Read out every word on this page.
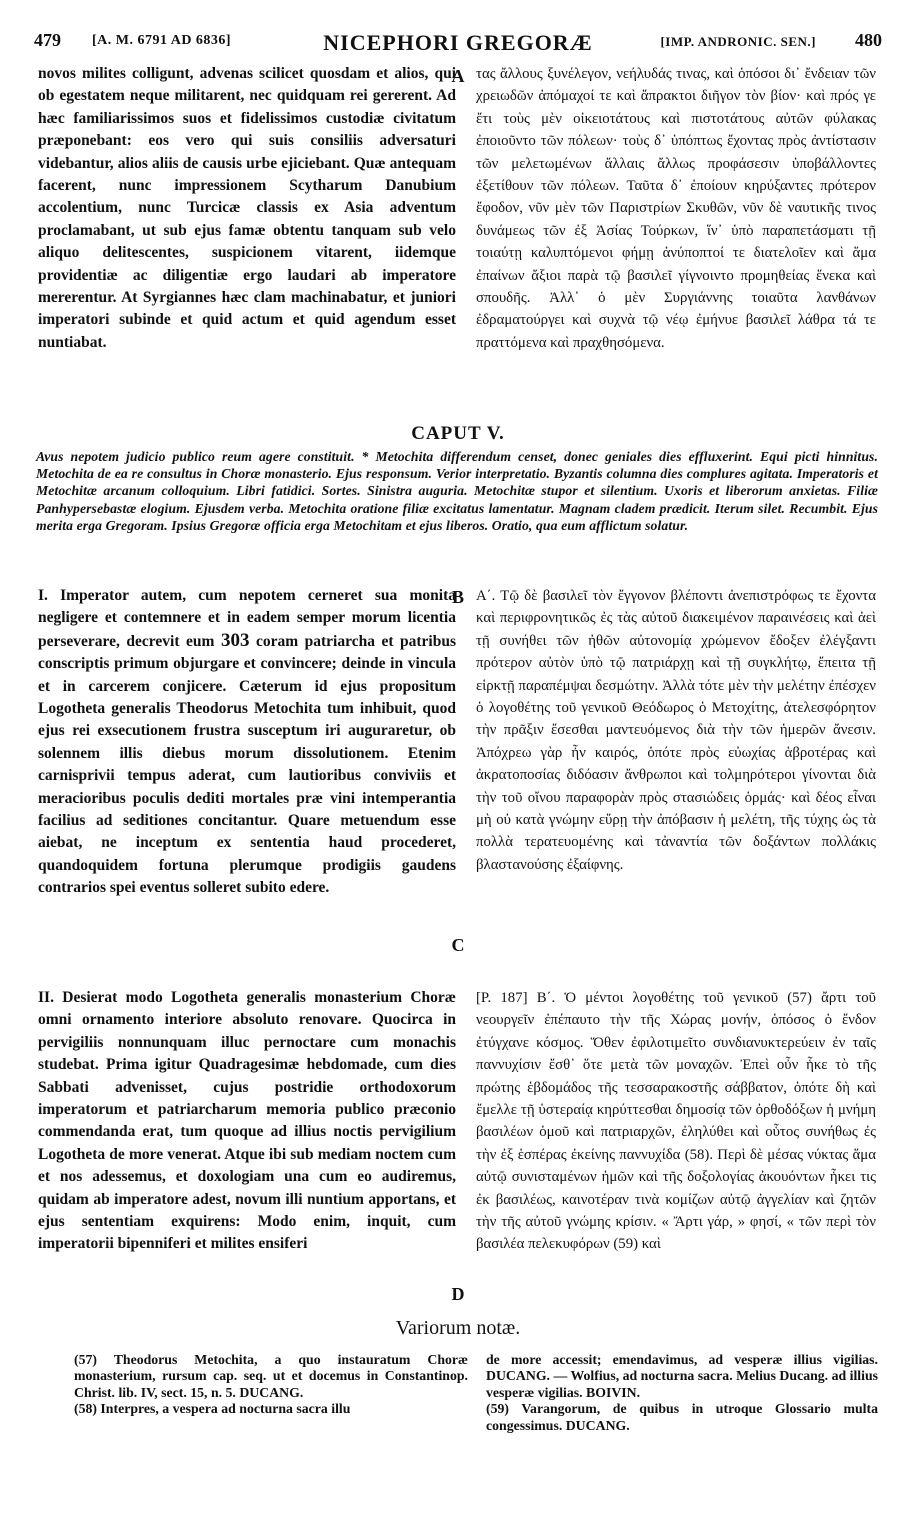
479 [A. M. 6791 AD 6836]	NICEPHORI GREGORÆ	[IMP. ANDRONIC. SEN.] 480

novos milites colligunt, advenas scilicet quosdam et alios, qui ob egestatem neque militarent, nec quidquam rei gererent. Ad hæc familiarissimos suos et fidelissimos custodiæ civitatum præponebant: eos vero qui suis consiliis adversaturi videbantur, alios aliis de causis urbe ejiciebant. Quæ antequam facerent, nunc impressionem Scytharum Danubium accolentium, nunc Turcicæ classis ex Asia adventum proclamabant, ut sub ejus famæ obtentu tanquam sub velo aliquo delitescentes, suspicionem vitarent, iidemque providentiæ ac diligentiæ ergo laudari ab imperatore mererentur. At Syrgiannes hæc clam machinabatur, et juniori imperatori subinde et quid actum et quid agendum esset nuntiabat.

A τας ἄλλους ξυνέλεγον, νεήλυδάς τινας, καὶ ὁπόσοι δι᾿ ἔνδειαν τῶν χρειωδῶν ἀπόμαχοί τε καὶ ἄπρακτοι διῆγον τὸν βίον· καὶ πρός γε ἔτι τοὺς μὲν οἰκειοτάτους καὶ πιστοτάτους αὐτῶν φύλακας ἐποιοῦντο τῶν πόλεων· τοὺς δ᾿ ὑπόπτως ἔχοντας πρὸς ἀντίστασιν τῶν μελετωμένων ἄλλαις ἄλλως προφάσεσιν ὑποβάλλοντες ἐξετίθουν τῶν πόλεων. Ταῦτα δ᾿ ἐποίουν κηρύξαντες πρότερον ἔφοδον, νῦν μὲν τῶν Παριστρίων Σκυθῶν, νῦν δὲ ναυτικῆς τινος δυνάμεως τῶν ἐξ Ἀσίας Τούρκων, ἵν᾿ ὑπὸ παραπετάσματι τῇ τοιαύτῃ καλυπτόμενοι φήμῃ ἀνύποπτοί τε διατελοῖεν καὶ ἅμα ἐπαίνων ἄξιοι παρὰ τῷ βασιλεῖ γίγνοιντο προμηθείας ἕνεκα καὶ σπουδῆς. Ἀλλ᾿ ὁ μὲν Συργιάννης τοιαῦτα λανθάνων ἐδραματούργει καὶ συχνὰ τῷ νέῳ ἐμήνυε βασιλεῖ λάθρα τά τε πραττόμενα καὶ πραχθησόμενα.

CAPUT V.
Avus nepotem judicio publico reum agere constituit. * Metochita differendum censet, donec geniales dies effluxerint. Equi picti hinnitus. Metochita de ea re consultus in Choræ monasterio. Ejus responsum. Verior interpretatio. Byzantis columna dies complures agitata. Imperatoris et Metochitæ arcanum colloquium. Libri fatidici. Sortes. Sinistra auguria. Metochitæ stupor et silentium. Uxoris et liberorum anxietas. Filiæ Panhypersebastæ elogium. Ejusdem verba. Metochita oratione filiæ excitatus lamentatur. Magnam cladem prædicit. Iterum silet. Recumbit. Ejus merita erga Gregoram. Ipsius Gregoræ officia erga Metochitam et ejus liberos. Oratio, qua eum afflictum solatur.

I. Imperator autem, cum nepotem cerneret sua monita negligere et contemnere et in eadem semper morum licentia perseverare, decrevit eum 303 coram patriarcha et patribus conscriptis primum objurgare et convincere; deinde in vincula et in carcerem conjicere. Cæterum id ejus propositum Logotheta generalis Theodorus Metochita tum inhibuit, quod ejus rei exsecutionem frustra susceptum iri auguraretur, ob solennem illis diebus morum dissolutionem. Etenim carnisprivii tempus aderat, cum lautioribus conviviis et meracioribus poculis dediti mortales præ vini intemperantia facilius ad seditiones concitantur. Quare metuendum esse aiebat, ne inceptum ex sententia haud procederet, quandoquidem fortuna plerumque prodigiis gaudens contrarios spei eventus solleret subito edere.

B
C

Α΄. Τῷ δὲ βασιλεῖ τὸν ἔγγονον βλέποντι ἀνεπιστρόφως τε ἔχοντα καὶ περιφρονητικῶς ἐς τὰς αὐτοῦ διακειμένον παραινέσεις καὶ ἀεὶ τῇ συνήθει τῶν ἠθῶν αὐτονομίᾳ χρώμενον ἔδοξεν ἐλέγξαντι πρότερον αὐτὸν ὑπὸ τῷ πατριάρχῃ καὶ τῇ συγκλήτῳ, ἔπειτα τῇ εἱρκτῇ παραπέμψαι δεσμώτην. Ἀλλὰ τότε μὲν τὴν μελέτην ἐπέσχεν ὁ λογοθέτης τοῦ γενικοῦ Θεόδωρος ὁ Μετοχίτης, ἀτελεσφόρητον τὴν πρᾶξιν ἔσεσθαι μαντευόμενος διὰ τὴν τῶν ἡμερῶν ἄνεσιν. Ἀπόχρεω γὰρ ἦν καιρός, ὁπότε πρὸς εὐωχίας ἁβροτέρας καὶ ἀκρατοποσίας διδόασιν ἄνθρωποι καὶ τολμηρότεροι γίνονται διὰ τὴν τοῦ οἴνου παραφορὰν πρὸς στασιώδεις ὁρμάς· καὶ δέος εἶναι μὴ οὐ κατὰ γνώμην εὕρῃ τὴν ἀπόβασιν ἡ μελέτη, τῆς τύχης ὡς τὰ πολλὰ τερατευομένης καὶ τἀναντία τῶν δοξάντων πολλάκις βλαστανούσης ἐξαίφνης.

II. Desierat modo Logotheta generalis monasterium Choræ omni ornamento interiore absoluto renovare. Quocirca in pervigiliis nonnunquam illuc pernoctare cum monachis studebat. Prima igitur Quadragesimæ hebdomade, cum dies Sabbati advenisset, cujus postridie orthodoxorum imperatorum et patriarcharum memoria publico præconio commendanda erat, tum quoque ad illius noctis pervigilium Logotheta de more venerat. Atque ibi sub mediam noctem cum et nos adessemus, et doxologiam una cum eo audiremus, quidam ab imperatore adest, novum illi nuntium apportans, et ejus sententiam exquirens: Modo enim, inquit, cum imperatorii bipenniferi et milites ensiferi

D

[P. 187] Β΄. Ὁ μέντοι λογοθέτης τοῦ γενικοῦ (57) ἄρτι τοῦ νεουργεῖν ἐπέπαυτο τὴν τῆς Χώρας μονήν, ὁπόσος ὁ ἔνδον ἐτύγχανε κόσμος. Ὅθεν ἐφιλοτιμεῖτο συνδιανυκτερεύειν ἐν ταῖς παννυχίσιν ἔσθ᾿ ὅτε μετὰ τῶν μοναχῶν. Ἐπεὶ οὖν ἧκε τὸ τῆς πρώτης ἑβδομάδος τῆς τεσσαρακοστῆς σάββατον, ὁπότε δὴ καὶ ἔμελλε τῇ ὑστεραίᾳ κηρύττεσθαι δημοσίᾳ τῶν ὀρθοδόξων ἡ μνήμη βασιλέων ὁμοῦ καὶ πατριαρχῶν, ἐληλύθει καὶ οὗτος συνήθως ἐς τὴν ἐξ ἑσπέρας ἐκείνης παννυχίδα (58). Περὶ δὲ μέσας νύκτας ἅμα αὐτῷ συνισταμένων ἡμῶν καὶ τῆς δοξολογίας ἀκουόντων ἧκει τις ἐκ βασιλέως, καινοτέραν τινὰ κομίζων αὐτῷ ἀγγελίαν καὶ ζητῶν τὴν τῆς αὐτοῦ γνώμης κρίσιν. « Ἄρτι γάρ, » φησί, « τῶν περὶ τὸν βασιλέα πελεκυφόρων (59) καὶ

Variorum notæ.

(57) Theodorus Metochita, a quo instauratum Choræ monasterium, rursum cap. seq. ut et docemus in Constantinop. Christ. lib. IV, sect. 15, n. 5. DUCANG.

(58) Interpres, a vespera ad nocturna sacra illu

de more accessit; emendavimus, ad vesperæ illius vigilias. DUCANG. — Wolfius, ad nocturna sacra. Melius Ducang. ad illius vesperæ vigilias. BOIVIN.

(59) Varangorum, de quibus in utroque Glossario multa congessimus. DUCANG.
